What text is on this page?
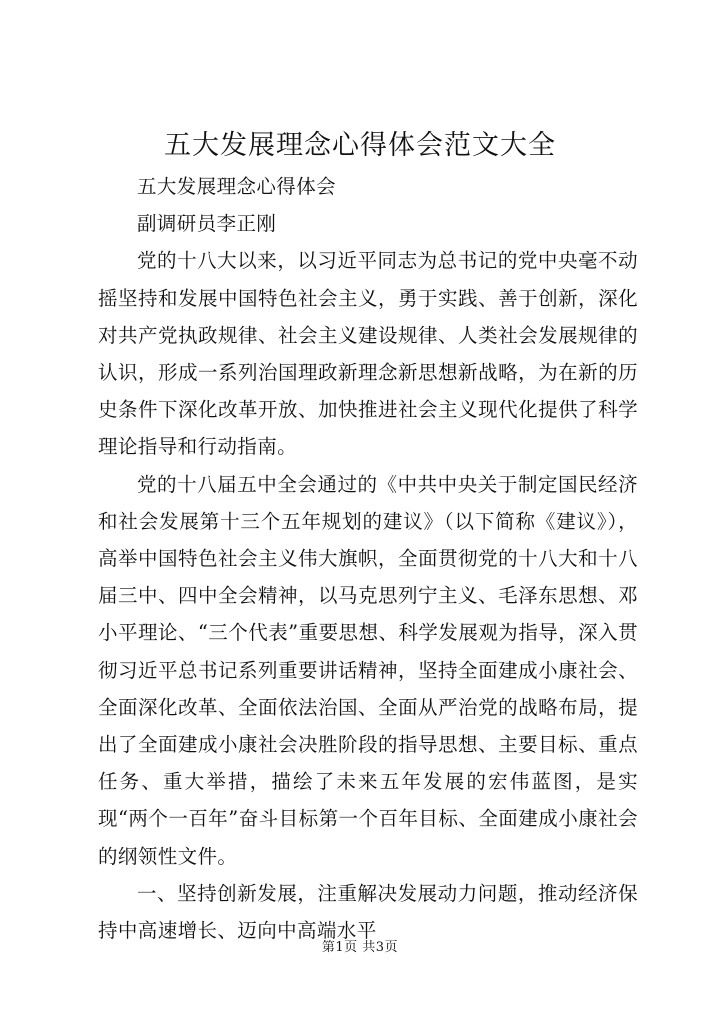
五大发展理念心得体会范文大全

五大发展理念心得体会

副调研员李正刚

党的十八大以来，以习近平同志为总书记的党中央毫不动摇坚持和发展中国特色社会主义，勇于实践、善于创新，深化对共产党执政规律、社会主义建设规律、人类社会发展规律的认识，形成一系列治国理政新理念新思想新战略，为在新的历史条件下深化改革开放、加快推进社会主义现代化提供了科学理论指导和行动指南。

党的十八届五中全会通过的《中共中央关于制定国民经济和社会发展第十三个五年规划的建议》（以下简称《建议》），高举中国特色社会主义伟大旗帜，全面贯彻党的十八大和十八届三中、四中全会精神，以马克思列宁主义、毛泽东思想、邓小平理论、“三个代表”重要思想、科学发展观为指导，深入贯彻习近平总书记系列重要讲话精神，坚持全面建成小康社会、全面深化改革、全面依法治国、全面从严治党的战略布局，提出了全面建成小康社会决胜阶段的指导思想、主要目标、重点任务、重大举措，描绘了未来五年发展的宏伟蓝图，是实现“两个一百年”奋斗目标第一个百年目标、全面建成小康社会的纲领性文件。

一、坚持创新发展，注重解决发展动力问题，推动经济保持中高速增长、迈向中高端水平

第1页 共3页
